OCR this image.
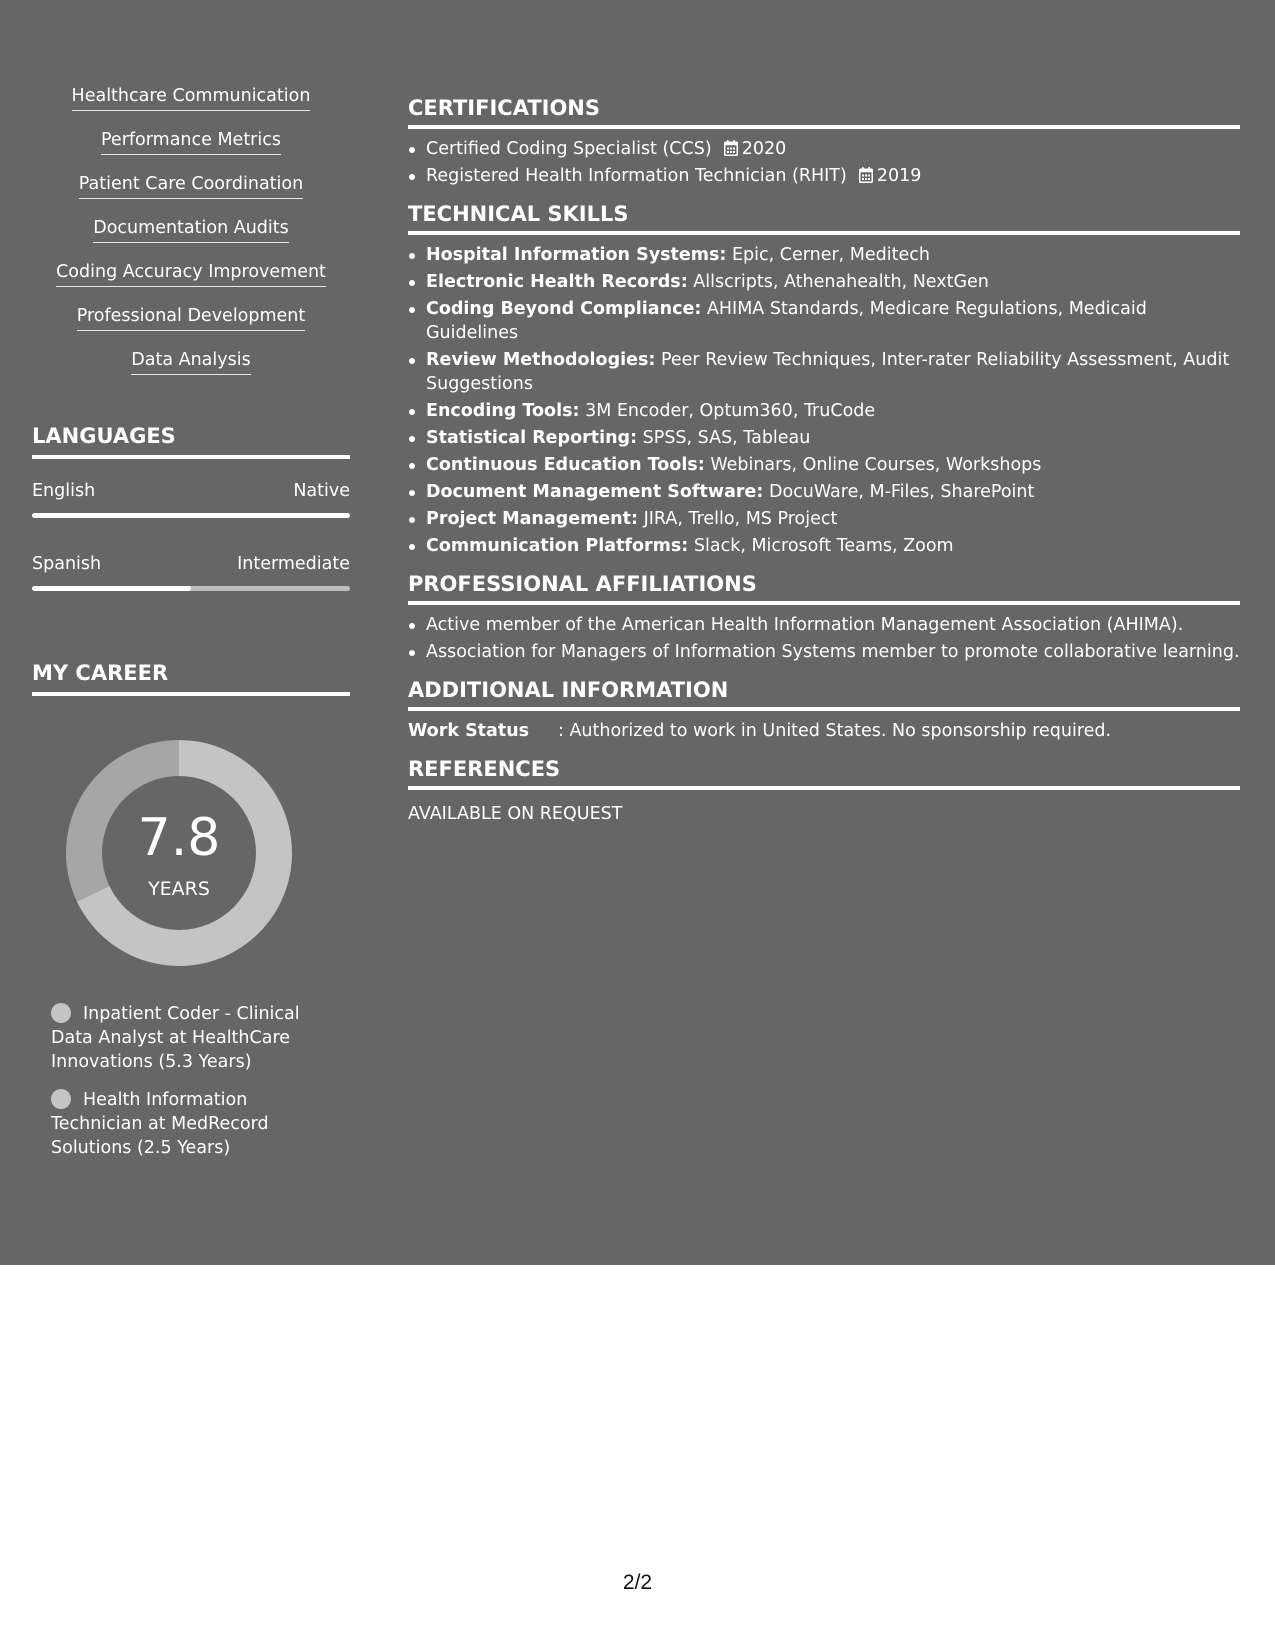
Healthcare Communication
Performance Metrics
Patient Care Coordination
Documentation Audits
Coding Accuracy Improvement
Professional Development
Data Analysis
LANGUAGES
English	Native
Spanish	Intermediate
MY CAREER
7.8
YEARS
Inpatient Coder - Clinical Data Analyst at HealthCare Innovations (5.3 Years)
Health Information Technician at MedRecord Solutions (2.5 Years)
CERTIFICATIONS
Certified Coding Specialist (CCS) 2020
Registered Health Information Technician (RHIT) 2019
TECHNICAL SKILLS
Hospital Information Systems: Epic, Cerner, Meditech
Electronic Health Records: Allscripts, Athenahealth, NextGen
Coding Beyond Compliance: AHIMA Standards, Medicare Regulations, Medicaid Guidelines
Review Methodologies: Peer Review Techniques, Inter-rater Reliability Assessment, Audit Suggestions
Encoding Tools: 3M Encoder, Optum360, TruCode
Statistical Reporting: SPSS, SAS, Tableau
Continuous Education Tools: Webinars, Online Courses, Workshops
Document Management Software: DocuWare, M-Files, SharePoint
Project Management: JIRA, Trello, MS Project
Communication Platforms: Slack, Microsoft Teams, Zoom
PROFESSIONAL AFFILIATIONS
Active member of the American Health Information Management Association (AHIMA).
Association for Managers of Information Systems member to promote collaborative learning.
ADDITIONAL INFORMATION
Work Status	: Authorized to work in United States. No sponsorship required.
REFERENCES
AVAILABLE ON REQUEST
2/2
